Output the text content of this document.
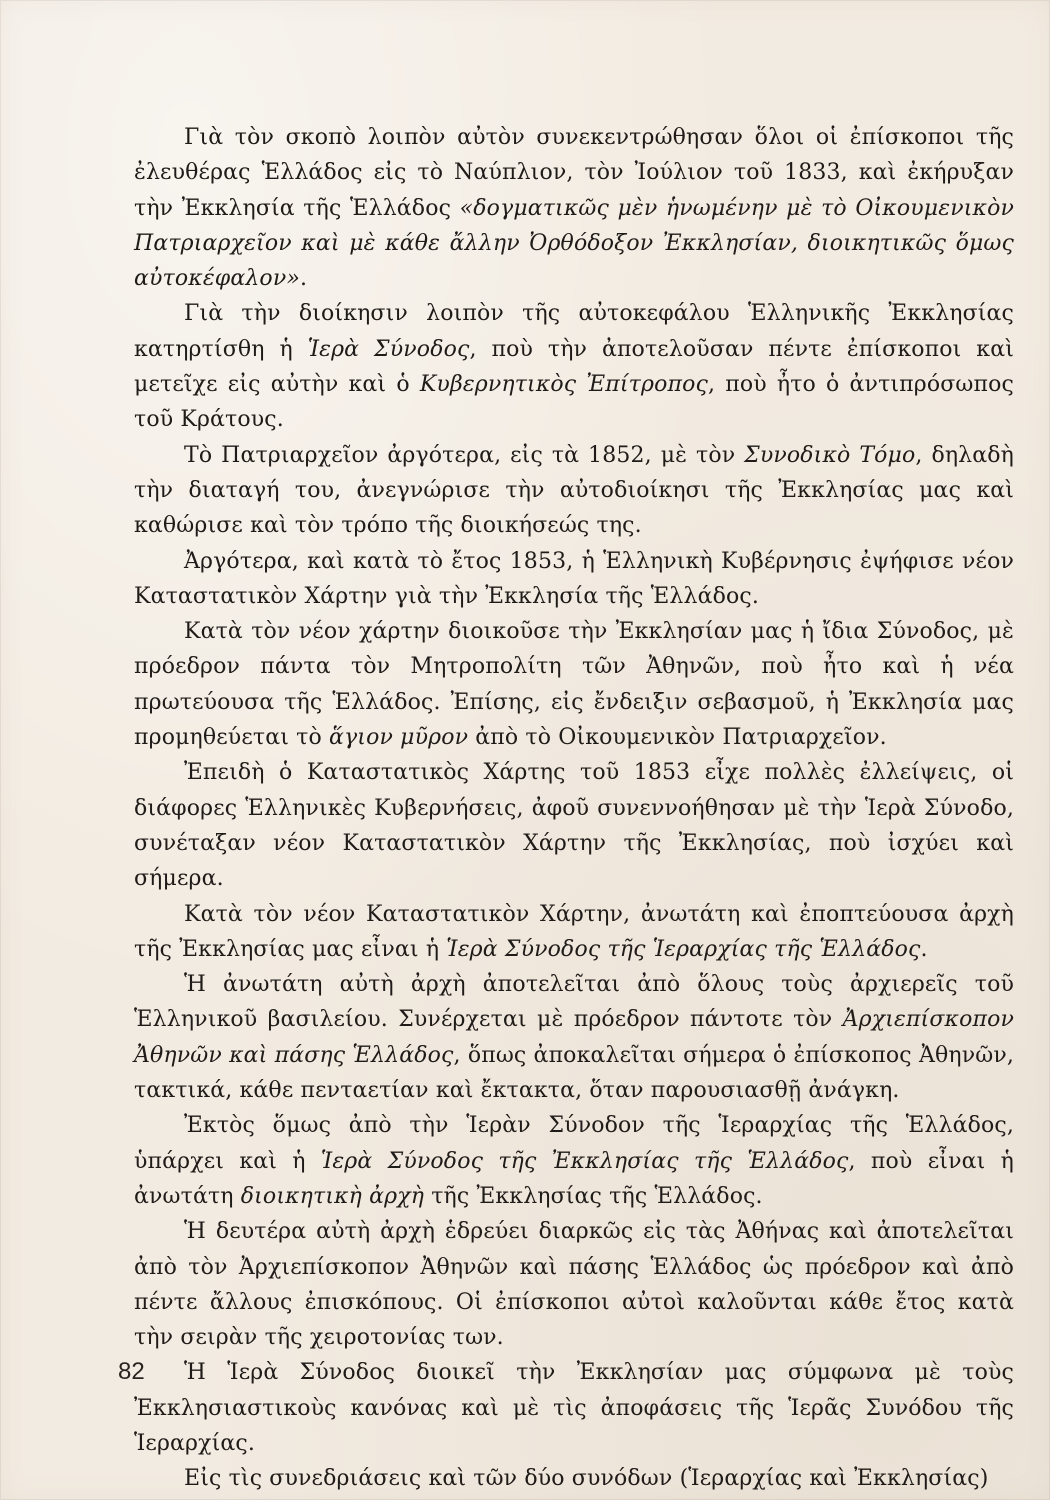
Γιὰ τὸν σκοπὸ λοιπὸν αὐτὸν συνεκεντρώθησαν ὅλοι οἱ ἐπίσκοποι τῆς ἐλευθέρας Ἑλλάδος εἰς τὸ Ναύπλιον, τὸν Ἰούλιον τοῦ 1833, καὶ ἐκήρυξαν τὴν Ἐκκλησία τῆς Ἑλλάδος «δογματικῶς μὲν ἡνωμένην μὲ τὸ Οἰκουμενικὸν Πατριαρχεῖον καὶ μὲ κάθε ἄλλην Ὀρθόδοξον Ἐκκλησίαν, διοικητικῶς ὅμως αὐτοκέφαλον».

Γιὰ τὴν διοίκησιν λοιπὸν τῆς αὐτοκεφάλου Ἑλληνικῆς Ἐκκλησίας κατηρτίσθη ἡ Ἱερὰ Σύνοδος, ποὺ τὴν ἀποτελοῦσαν πέντε ἐπίσκοποι καὶ μετεῖχε εἰς αὐτὴν καὶ ὁ Κυβερνητικὸς Ἐπίτροπος, ποὺ ἦτο ὁ ἀντιπρόσωπος τοῦ Κράτους.

Τὸ Πατριαρχεῖον ἀργότερα, εἰς τὰ 1852, μὲ τὸν Συνοδικὸ Τόμο, δηλαδὴ τὴν διαταγή του, ἀνεγνώρισε τὴν αὐτοδιοίκησι τῆς Ἐκκλησίας μας καὶ καθώρισε καὶ τὸν τρόπο τῆς διοικήσεώς της.

Ἀργότερα, καὶ κατὰ τὸ ἔτος 1853, ἡ Ἑλληνικὴ Κυβέρνησις ἐψήφισε νέον Καταστατικὸν Χάρτην γιὰ τὴν Ἐκκλησία τῆς Ἑλλάδος.

Κατὰ τὸν νέον χάρτην διοικοῦσε τὴν Ἐκκλησίαν μας ἡ ἴδια Σύνοδος, μὲ πρόεδρον πάντα τὸν Μητροπολίτη τῶν Ἀθηνῶν, ποὺ ἦτο καὶ ἡ νέα πρωτεύουσα τῆς Ἑλλάδος. Ἐπίσης, εἰς ἔνδειξιν σεβασμοῦ, ἡ Ἐκκλησία μας προμηθεύεται τὸ ἅγιον μῦρον ἀπὸ τὸ Οἰκουμενικὸν Πατριαρχεῖον.

Ἐπειδὴ ὁ Καταστατικὸς Χάρτης τοῦ 1853 εἶχε πολλὲς ἐλλείψεις, οἱ διάφορες Ἑλληνικὲς Κυβερνήσεις, ἀφοῦ συνεννοήθησαν μὲ τὴν Ἱερὰ Σύνοδο, συνέταξαν νέον Καταστατικὸν Χάρτην τῆς Ἐκκλησίας, ποὺ ἰσχύει καὶ σήμερα.

Κατὰ τὸν νέον Καταστατικὸν Χάρτην, ἀνωτάτη καὶ ἐποπτεύουσα ἀρχὴ τῆς Ἐκκλησίας μας εἶναι ἡ Ἱερὰ Σύνοδος τῆς Ἱεραρχίας τῆς Ἑλλάδος.

Ἡ ἀνωτάτη αὐτὴ ἀρχὴ ἀποτελεῖται ἀπὸ ὅλους τοὺς ἀρχιερεῖς τοῦ Ἑλληνικοῦ βασιλείου. Συνέρχεται μὲ πρόεδρον πάντοτε τὸν Ἀρχιεπίσκοπον Ἀθηνῶν καὶ πάσης Ἑλλάδος, ὅπως ἀποκαλεῖται σήμερα ὁ ἐπίσκοπος Ἀθηνῶν, τακτικά, κάθε πενταετίαν καὶ ἔκτακτα, ὅταν παρουσιασθῇ ἀνάγκη.

Ἐκτὸς ὅμως ἀπὸ τὴν Ἱερὰν Σύνοδον τῆς Ἱεραρχίας τῆς Ἑλλάδος, ὑπάρχει καὶ ἡ Ἱερὰ Σύνοδος τῆς Ἐκκλησίας τῆς Ἑλλάδος, ποὺ εἶναι ἡ ἀνωτάτη διοικητικὴ ἀρχὴ τῆς Ἐκκλησίας τῆς Ἑλλάδος.

Ἡ δευτέρα αὐτὴ ἀρχὴ ἑδρεύει διαρκῶς εἰς τὰς Ἀθήνας καὶ ἀποτελεῖται ἀπὸ τὸν Ἀρχιεπίσκοπον Ἀθηνῶν καὶ πάσης Ἑλλάδος ὡς πρόεδρον καὶ ἀπὸ πέντε ἄλλους ἐπισκόπους. Οἱ ἐπίσκοποι αὐτοὶ καλοῦνται κάθε ἔτος κατὰ τὴν σειρὰν τῆς χειροτονίας των.

Ἡ Ἱερὰ Σύνοδος διοικεῖ τὴν Ἐκκλησίαν μας σύμφωνα μὲ τοὺς Ἐκκλησιαστικοὺς κανόνας καὶ μὲ τὶς ἀποφάσεις τῆς Ἱερᾶς Συνόδου τῆς Ἱεραρχίας.

Εἰς τὶς συνεδριάσεις καὶ τῶν δύο συνόδων (Ἱεραρχίας καὶ Ἐκκλησίας)

82
